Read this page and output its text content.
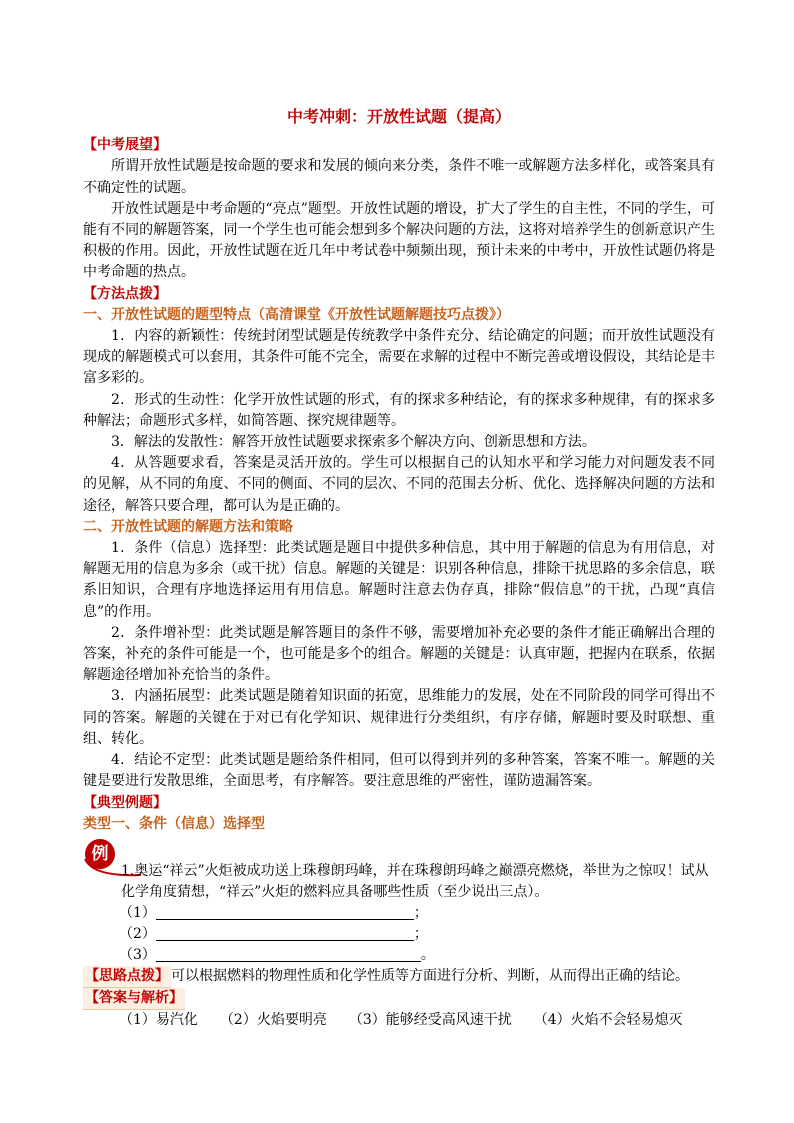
中考冲刺：开放性试题（提高）
【中考展望】

所谓开放性试题是按命题的要求和发展的倾向来分类，条件不唯一或解题方法多样化，或答案具有不确定性的试题。

开放性试题是中考命题的“亮点”题型。开放性试题的增设，扩大了学生的自主性，不同的学生，可能有不同的解题答案，同一个学生也可能会想到多个解决问题的方法，这将对培养学生的创新意识产生积极的作用。因此，开放性试题在近几年中考试卷中频频出现，预计未来的中考中，开放性试题仍将是中考命题的热点。

【方法点拨】
一、开放性试题的题型特点（高清课堂《开放性试题解题技巧点拨》）

1．内容的新颖性：传统封闭型试题是传统教学中条件充分、结论确定的问题；而开放性试题没有现成的解题模式可以套用，其条件可能不完全，需要在求解的过程中不断完善或增设假设，其结论是丰富多彩的。

2．形式的生动性：化学开放性试题的形式，有的探求多种结论，有的探求多种规律，有的探求多种解法；命题形式多样，如简答题、探究规律题等。

3．解法的发散性：解答开放性试题要求探索多个解决方向、创新思想和方法。

4．从答题要求看，答案是灵活开放的。学生可以根据自己的认知水平和学习能力对问题发表不同的见解，从不同的角度、不同的侧面、不同的层次、不同的范围去分析、优化、选择解决问题的方法和途径，解答只要合理，都可认为是正确的。

二、开放性试题的解题方法和策略

1．条件（信息）选择型：此类试题是题目中提供多种信息，其中用于解题的信息为有用信息，对解题无用的信息为多余（或干扰）信息。解题的关键是：识别各种信息，排除干扰思路的多余信息，联系旧知识，合理有序地选择运用有用信息。解题时注意去伪存真，排除“假信息”的干扰，凸现“真信息”的作用。

2．条件增补型：此类试题是解答题目的条件不够，需要增加补充必要的条件才能正确解出合理的答案，补充的条件可能是一个，也可能是多个的组合。解题的关键是：认真审题，把握内在联系，依据解题途径增加补充恰当的条件。

3．内涵拓展型：此类试题是随着知识面的拓宽，思维能力的发展，处在不同阶段的同学可得出不同的答案。解题的关键在于对已有化学知识、规律进行分类组织，有序存储，解题时要及时联想、重组、转化。

4．结论不定型：此类试题是题给条件相同，但可以得到并列的多种答案，答案不唯一。解题的关键是要进行发散思维，全面思考，有序解答。要注意思维的严密性，谨防遗漏答案。

【典型例题】
类型一、条件（信息）选择型
例
1.奥运“祥云”火炬被成功送上珠穆朗玛峰，并在珠穆朗玛峰之巅漂亮燃烧，举世为之惊叹！试从化学角度猜想，“祥云”火炬的燃料应具备哪些性质（至少说出三点）。
（1）	；
（2）	；
（3）	。
【思路点拨】 可以根据燃料的物理性质和化学性质等方面进行分析、判断，从而得出正确的结论。
【答案与解析】
（1）易汽化 （2）火焰要明亮 （3）能够经受高风速干扰 （4）火焰不会轻易熄灭
